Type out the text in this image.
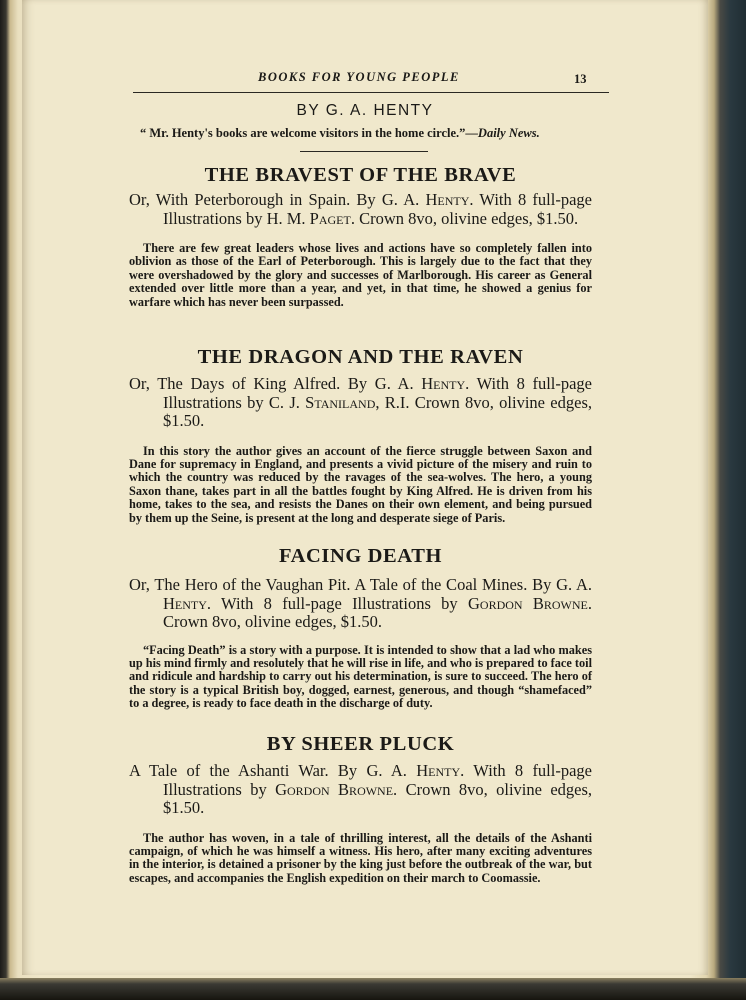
BOOKS FOR YOUNG PEOPLE	13
BY G. A. HENTY
“ Mr. Henty's books are welcome visitors in the home circle.”—Daily News.
THE BRAVEST OF THE BRAVE

Or, With Peterborough in Spain. By G. A. Henty. With 8 full-page Illustrations by H. M. Paget. Crown 8vo, olivine edges, $1.50.

There are few great leaders whose lives and actions have so completely fallen into oblivion as those of the Earl of Peterborough. This is largely due to the fact that they were overshadowed by the glory and successes of Marlborough. His career as General extended over little more than a year, and yet, in that time, he showed a genius for warfare which has never been surpassed.

THE DRAGON AND THE RAVEN

Or, The Days of King Alfred. By G. A. Henty. With 8 full-page Illustrations by C. J. Staniland, R.I. Crown 8vo, olivine edges, $1.50.

In this story the author gives an account of the fierce struggle between Saxon and Dane for supremacy in England, and presents a vivid picture of the misery and ruin to which the country was reduced by the ravages of the sea-wolves. The hero, a young Saxon thane, takes part in all the battles fought by King Alfred. He is driven from his home, takes to the sea, and resists the Danes on their own element, and being pursued by them up the Seine, is present at the long and desperate siege of Paris.

FACING DEATH

Or, The Hero of the Vaughan Pit. A Tale of the Coal Mines. By G. A. Henty. With 8 full-page Illustrations by Gordon Browne. Crown 8vo, olivine edges, $1.50.

“Facing Death” is a story with a purpose. It is intended to show that a lad who makes up his mind firmly and resolutely that he will rise in life, and who is prepared to face toil and ridicule and hardship to carry out his determination, is sure to succeed. The hero of the story is a typical British boy, dogged, earnest, generous, and though “shamefaced” to a degree, is ready to face death in the discharge of duty.

BY SHEER PLUCK

A Tale of the Ashanti War. By G. A. Henty. With 8 full-page Illustrations by Gordon Browne. Crown 8vo, olivine edges, $1.50.

The author has woven, in a tale of thrilling interest, all the details of the Ashanti campaign, of which he was himself a witness. His hero, after many exciting adventures in the interior, is detained a prisoner by the king just before the outbreak of the war, but escapes, and accompanies the English expedition on their march to Coomassie.
